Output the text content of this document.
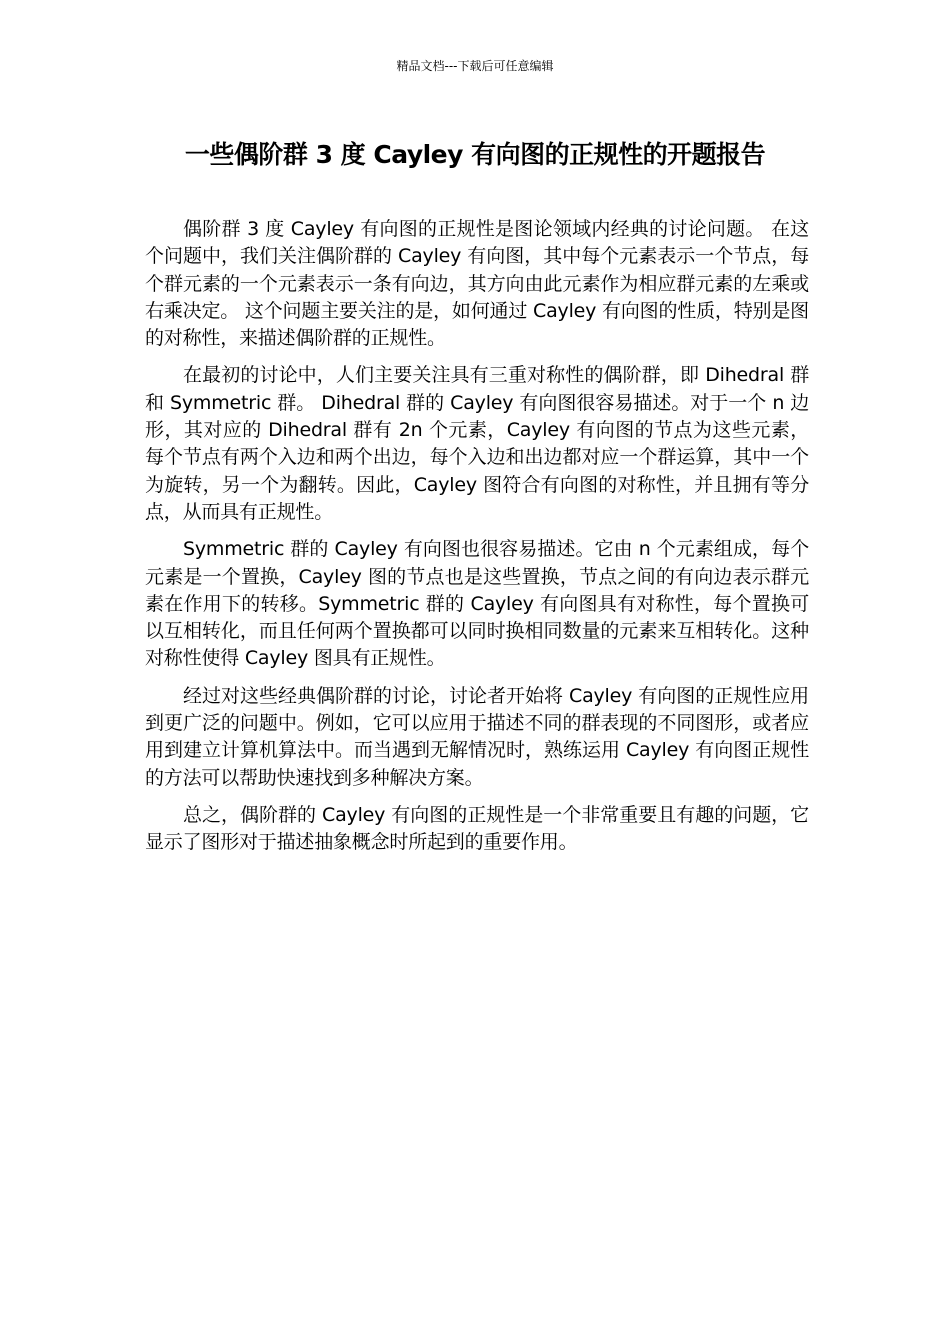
精品文档---下载后可任意编辑
一些偶阶群 3 度 Cayley 有向图的正规性的开题报告

偶阶群 3 度 Cayley 有向图的正规性是图论领域内经典的讨论问题。 在这个问题中，我们关注偶阶群的 Cayley 有向图，其中每个元素表示一个节点，每个群元素的一个元素表示一条有向边，其方向由此元素作为相应群元素的左乘或右乘决定。 这个问题主要关注的是，如何通过 Cayley 有向图的性质，特别是图的对称性，来描述偶阶群的正规性。

在最初的讨论中，人们主要关注具有三重对称性的偶阶群，即 Dihedral 群和 Symmetric 群。 Dihedral 群的 Cayley 有向图很容易描述。对于一个 n 边形，其对应的 Dihedral 群有 2n 个元素，Cayley 有向图的节点为这些元素，每个节点有两个入边和两个出边，每个入边和出边都对应一个群运算，其中一个为旋转，另一个为翻转。因此，Cayley 图符合有向图的对称性，并且拥有等分点，从而具有正规性。

Symmetric 群的 Cayley 有向图也很容易描述。它由 n 个元素组成，每个元素是一个置换，Cayley 图的节点也是这些置换，节点之间的有向边表示群元素在作用下的转移。Symmetric 群的 Cayley 有向图具有对称性，每个置换可以互相转化，而且任何两个置换都可以同时换相同数量的元素来互相转化。这种对称性使得 Cayley 图具有正规性。

经过对这些经典偶阶群的讨论，讨论者开始将 Cayley 有向图的正规性应用到更广泛的问题中。例如，它可以应用于描述不同的群表现的不同图形，或者应用到建立计算机算法中。而当遇到无解情况时，熟练运用 Cayley 有向图正规性的方法可以帮助快速找到多种解决方案。

总之，偶阶群的 Cayley 有向图的正规性是一个非常重要且有趣的问题，它显示了图形对于描述抽象概念时所起到的重要作用。
